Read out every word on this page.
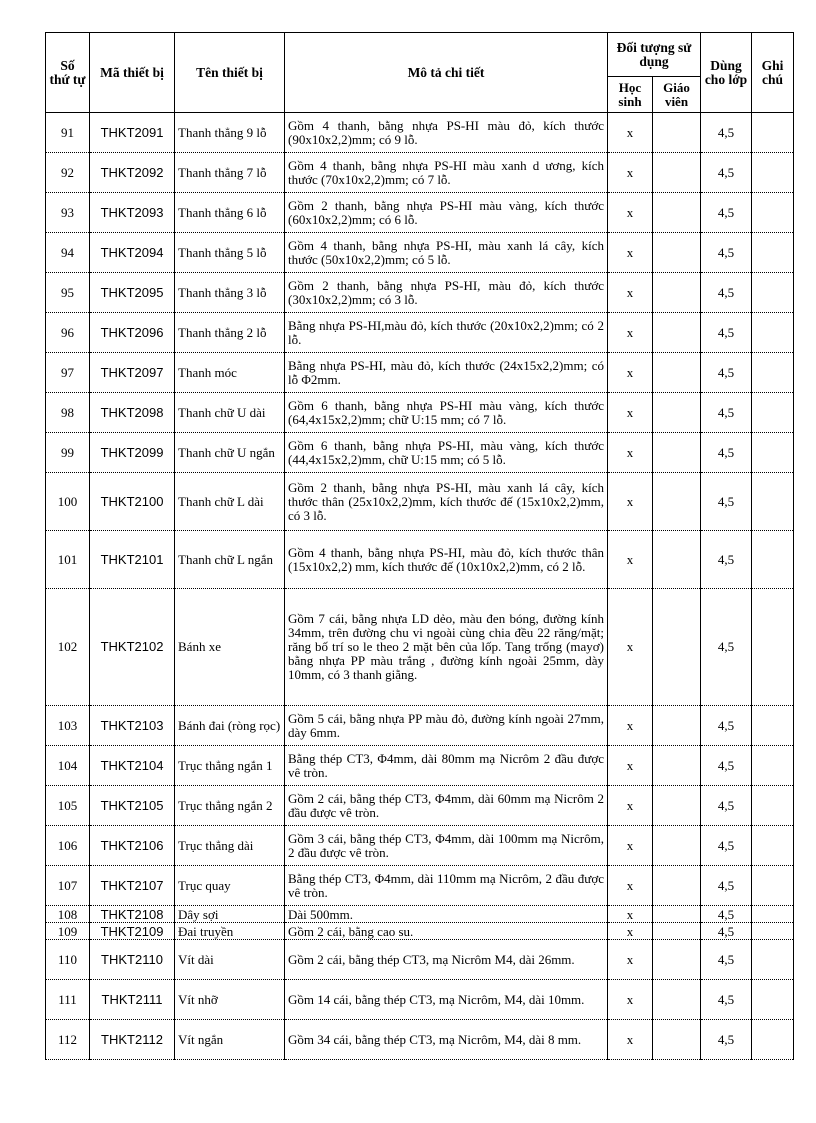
Số thứ tự	Mã thiết bị	Tên thiết bị	Mô tả chi tiết	Đối tượng sử dụng		Dùng cho lớp	Ghi chú
				Học sinh	Giáo viên		
91	THKT2091	Thanh thẳng 9 lỗ	Gồm 4 thanh, bằng nhựa PS-HI màu đỏ, kích thước (90x10x2,2)mm; có 9 lỗ.	x		4,5	
92	THKT2092	Thanh thẳng 7 lỗ	Gồm 4 thanh, bằng nhựa PS-HI màu xanh d ương, kích thước (70x10x2,2)mm; có 7 lỗ.	x		4,5	
93	THKT2093	Thanh thẳng 6 lỗ	Gồm 2 thanh, bằng nhựa PS-HI màu vàng, kích thước (60x10x2,2)mm; có 6 lỗ.	x		4,5	
94	THKT2094	Thanh thẳng 5 lỗ	Gồm 4 thanh, bằng nhựa PS-HI, màu xanh lá cây, kích thước (50x10x2,2)mm; có 5 lỗ.	x		4,5	
95	THKT2095	Thanh thẳng 3 lỗ	Gồm 2 thanh, bằng nhựa PS-HI, màu đỏ, kích thước (30x10x2,2)mm; có 3 lỗ.	x		4,5	
96	THKT2096	Thanh thẳng 2 lỗ	Bằng nhựa PS-HI,màu đỏ, kích thước (20x10x2,2)mm; có 2 lỗ.	x		4,5	
97	THKT2097	Thanh móc	Bằng nhựa PS-HI, màu đỏ, kích thước (24x15x2,2)mm; có lỗ Φ2mm.	x		4,5	
98	THKT2098	Thanh chữ U dài	Gồm 6 thanh, bằng nhựa PS-HI màu vàng, kích thước (64,4x15x2,2)mm; chữ U:15 mm; có 7 lỗ.	x		4,5	
99	THKT2099	Thanh chữ U ngắn	Gồm 6 thanh, bằng nhựa PS-HI, màu vàng, kích thước (44,4x15x2,2)mm, chữ U:15 mm; có 5 lỗ.	x		4,5	
100	THKT2100	Thanh chữ L dài	Gồm 2 thanh, bằng nhựa PS-HI, màu xanh lá cây, kích thước thân (25x10x2,2)mm, kích thước đế (15x10x2,2)mm, có 3 lỗ.	x		4,5	
101	THKT2101	Thanh chữ L ngắn	Gồm 4 thanh, bằng nhựa PS-HI, màu đỏ, kích thước thân (15x10x2,2) mm, kích thước đế (10x10x2,2)mm, có 2 lỗ.	x		4,5	
102	THKT2102	Bánh xe	Gồm 7 cái, bằng nhựa LD dẻo, màu đen bóng, đường kính 34mm, trên đường chu vi ngoài cùng chia đều 22 răng/mặt; răng bố trí so le theo 2 mặt bên của lốp. Tang trống (mayơ) bằng nhựa PP màu trắng , đường kính ngoài 25mm, dày 10mm, có 3 thanh giằng.	x		4,5	
103	THKT2103	Bánh đai (ròng rọc)	Gồm 5 cái, bằng nhựa PP màu đỏ, đường kính ngoài 27mm, dày 6mm.	x		4,5	
104	THKT2104	Trục thẳng ngắn 1	Bằng thép CT3, Φ4mm, dài 80mm mạ Nicrôm 2 đầu được vê tròn.	x		4,5	
105	THKT2105	Trục thẳng ngắn 2	Gồm 2 cái, bằng thép CT3, Φ4mm, dài 60mm mạ Nicrôm 2 đầu được vê tròn.	x		4,5	
106	THKT2106	Trục thẳng dài	Gồm 3 cái, bằng thép CT3, Φ4mm, dài 100mm mạ Nicrôm, 2 đầu được vê tròn.	x		4,5	
107	THKT2107	Trục quay	Bằng thép CT3, Φ4mm, dài 110mm mạ Nicrôm, 2 đầu được vê tròn.	x		4,5	
108	THKT2108	Dây sợi	Dài 500mm.	x		4,5	
109	THKT2109	Đai truyền	Gồm 2 cái, bằng cao su.	x		4,5	
110	THKT2110	Vít dài	Gồm 2 cái, bằng thép CT3, mạ Nicrôm M4, dài 26mm.	x		4,5	
111	THKT2111	Vít nhỡ	Gồm 14 cái, bằng thép CT3, mạ Nicrôm, M4, dài 10mm.	x		4,5	
112	THKT2112	Vít ngắn	Gồm 34 cái, bằng thép CT3, mạ Nicrôm, M4, dài 8 mm.	x		4,5	
